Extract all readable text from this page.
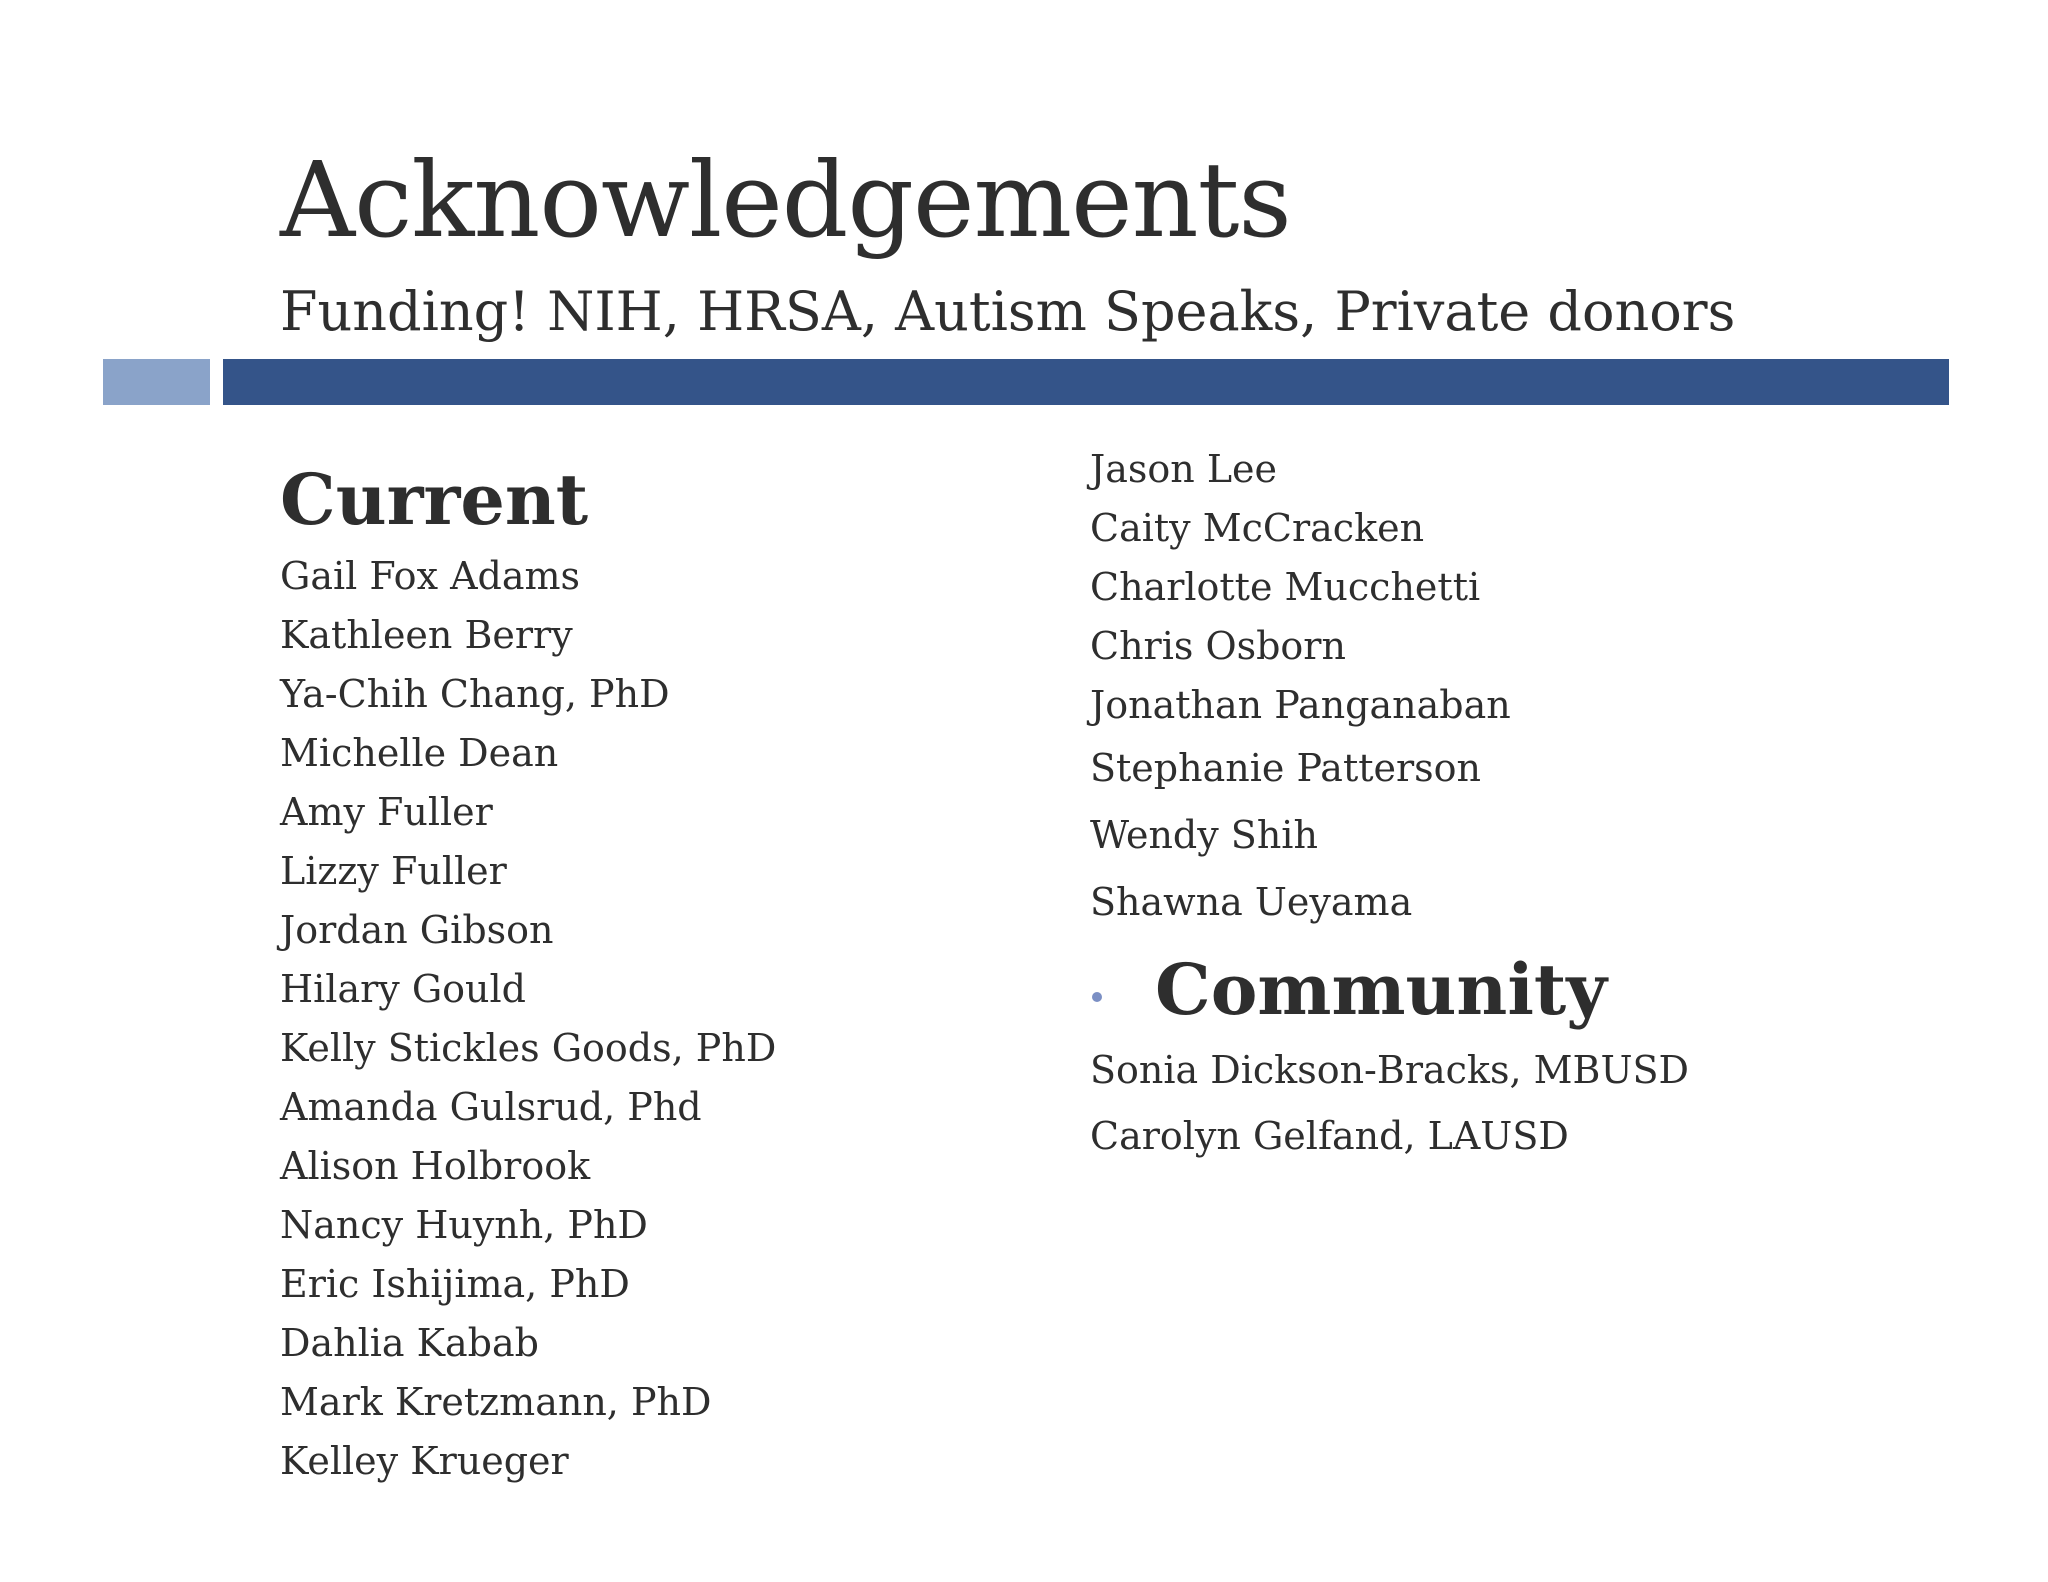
Acknowledgements
Funding! NIH, HRSA, Autism Speaks, Private donors
Current
Gail Fox Adams
Kathleen Berry
Ya-Chih Chang, PhD
Michelle Dean
Amy Fuller
Lizzy Fuller
Jordan Gibson
Hilary Gould
Kelly Stickles Goods, PhD
Amanda Gulsrud, Phd
Alison Holbrook
Nancy Huynh, PhD
Eric Ishijima, PhD
Dahlia Kabab
Mark Kretzmann, PhD
Kelley Krueger
Jason Lee
Caity McCracken
Charlotte Mucchetti
Chris Osborn
Jonathan Panganaban
Stephanie Patterson
Wendy Shih
Shawna Ueyama
Community
Sonia Dickson-Bracks, MBUSD
Carolyn Gelfand, LAUSD
